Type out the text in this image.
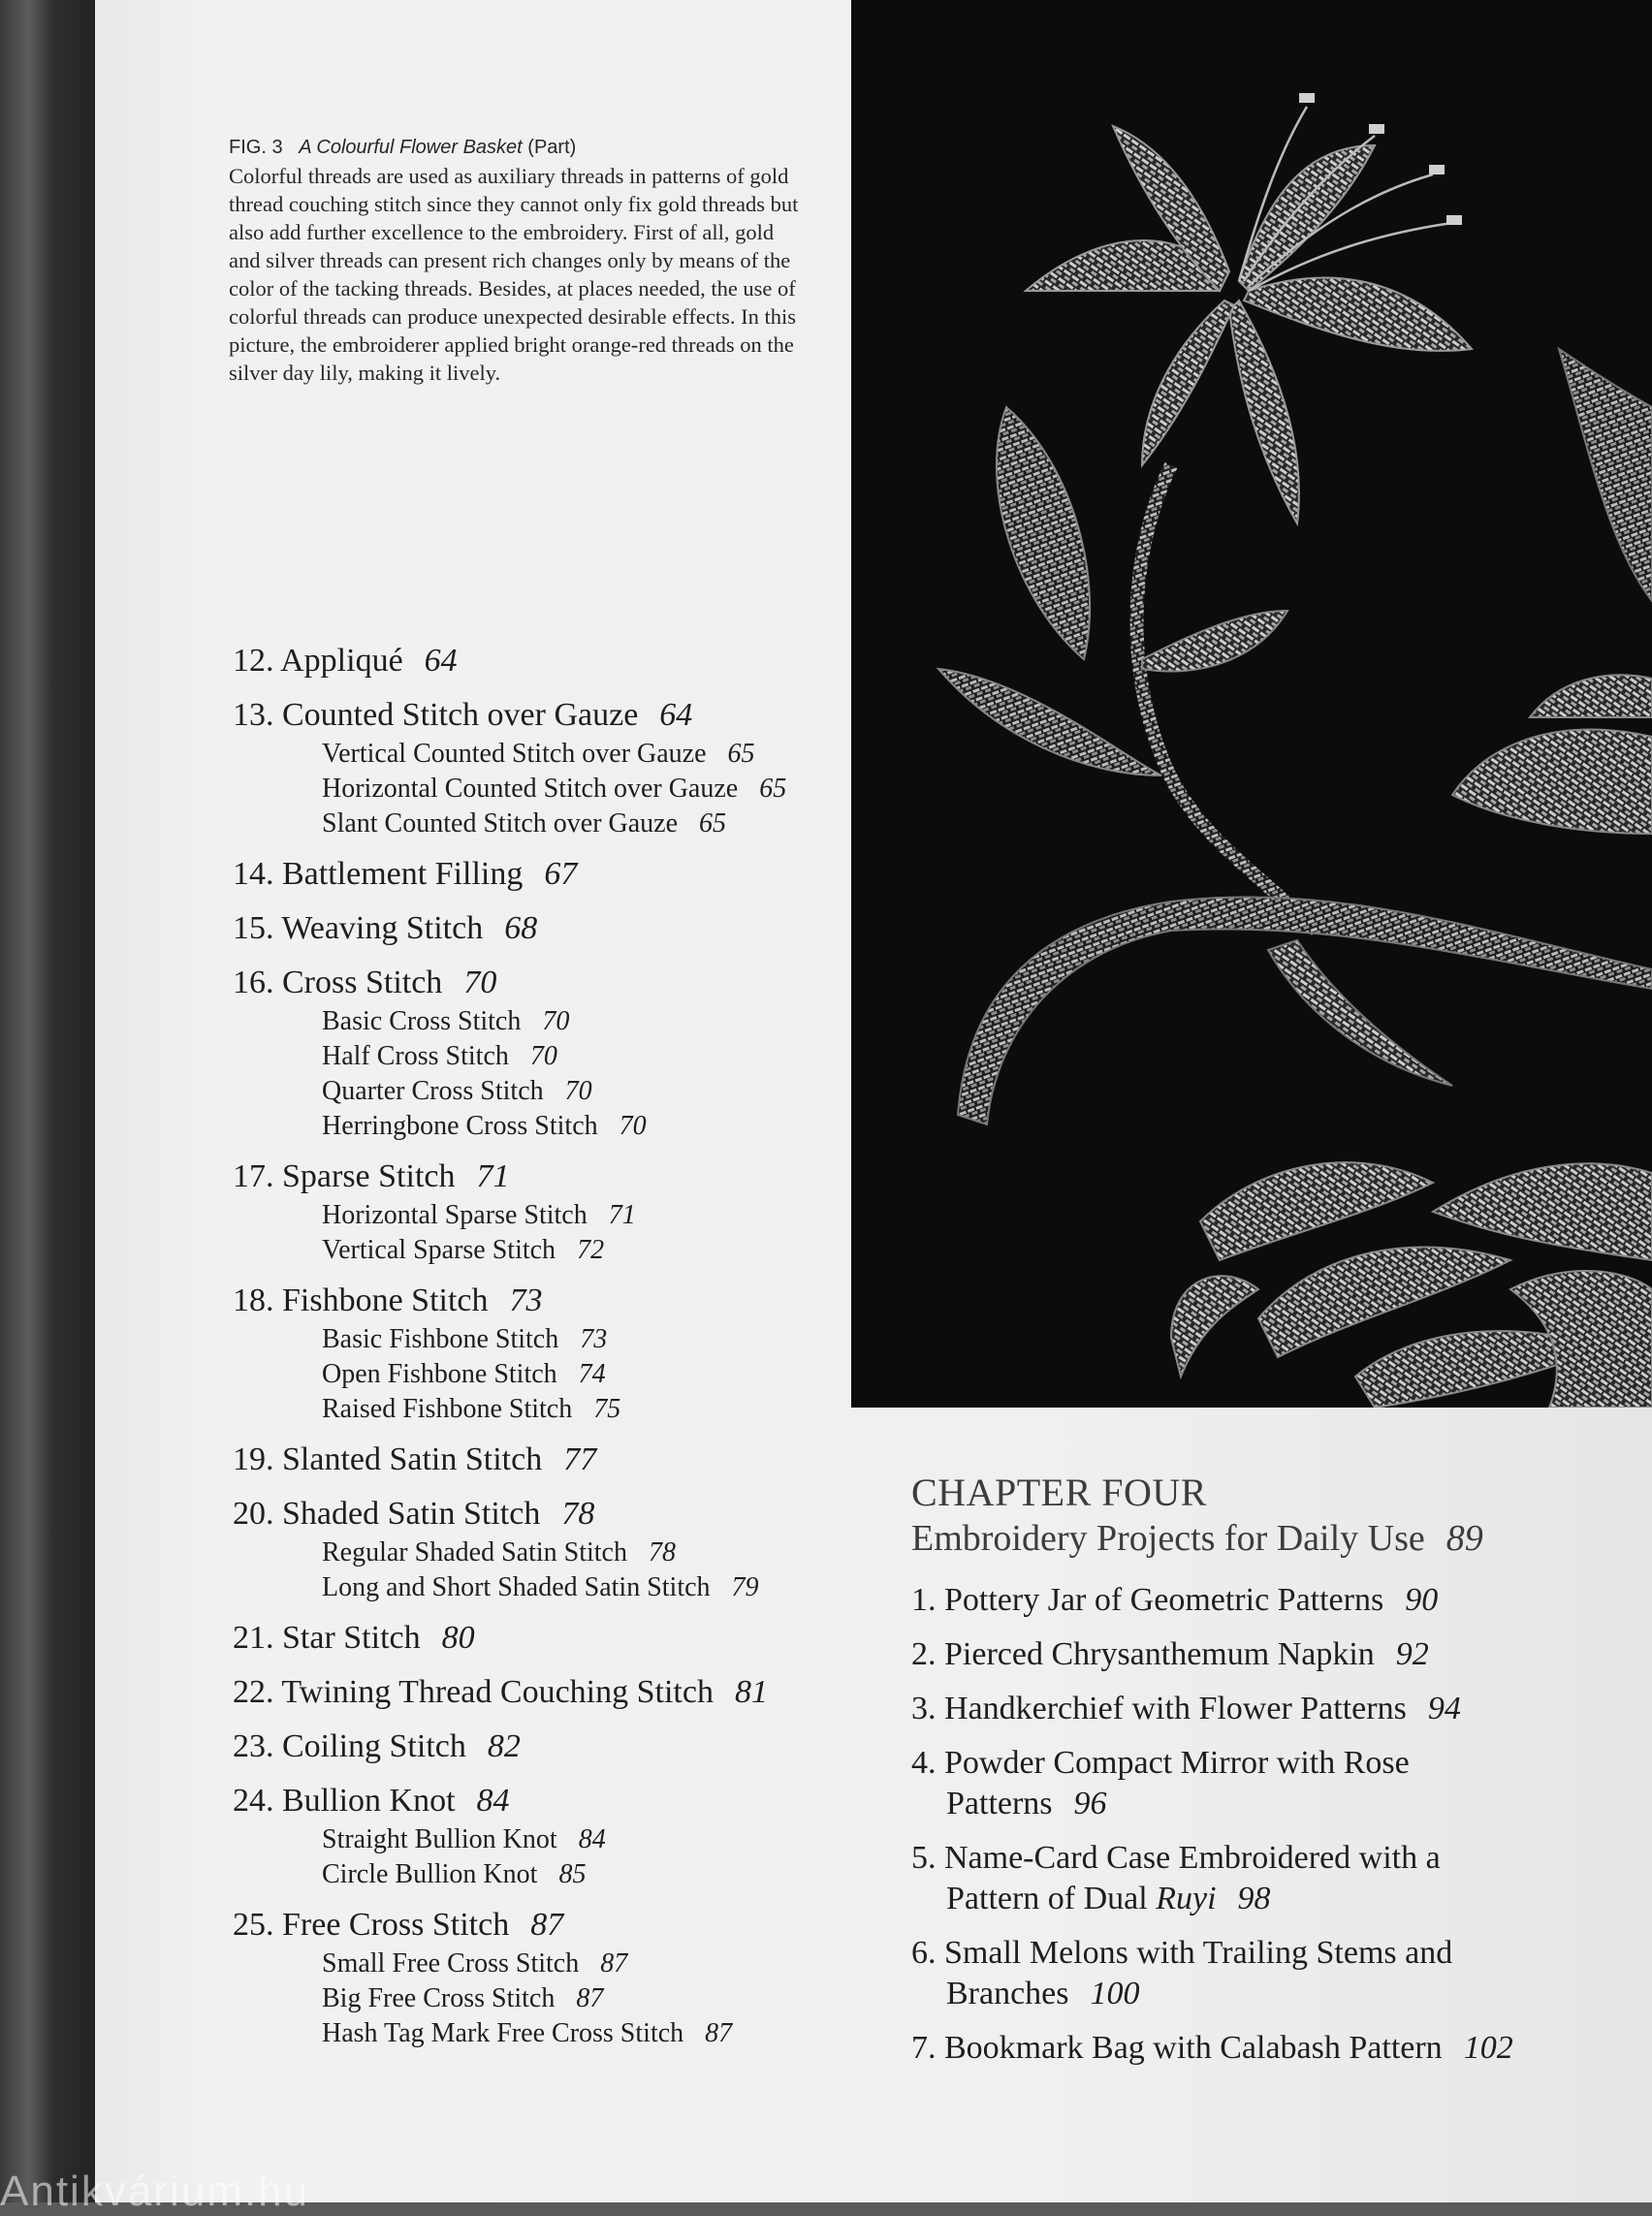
FIG. 3 A Colourful Flower Basket (Part)
Colorful threads are used as auxiliary threads in patterns of gold thread couching stitch since they cannot only fix gold threads but also add further excellence to the embroidery. First of all, gold and silver threads can present rich changes only by means of the color of the tacking threads. Besides, at places needed, the use of colorful threads can produce unexpected desirable effects. In this picture, the embroiderer applied bright orange-red threads on the silver day lily, making it lively.
12. Appliqué 64
13. Counted Stitch over Gauze 64
Vertical Counted Stitch over Gauze 65
Horizontal Counted Stitch over Gauze 65
Slant Counted Stitch over Gauze 65
14. Battlement Filling 67
15. Weaving Stitch 68
16. Cross Stitch 70
Basic Cross Stitch 70
Half Cross Stitch 70
Quarter Cross Stitch 70
Herringbone Cross Stitch 70
17. Sparse Stitch 71
Horizontal Sparse Stitch 71
Vertical Sparse Stitch 72
18. Fishbone Stitch 73
Basic Fishbone Stitch 73
Open Fishbone Stitch 74
Raised Fishbone Stitch 75
19. Slanted Satin Stitch 77
20. Shaded Satin Stitch 78
Regular Shaded Satin Stitch 78
Long and Short Shaded Satin Stitch 79
21. Star Stitch 80
22. Twining Thread Couching Stitch 81
23. Coiling Stitch 82
24. Bullion Knot 84
Straight Bullion Knot 84
Circle Bullion Knot 85
25. Free Cross Stitch 87
Small Free Cross Stitch 87
Big Free Cross Stitch 87
Hash Tag Mark Free Cross Stitch 87
CHAPTER FOUR
Embroidery Projects for Daily Use 89
1. Pottery Jar of Geometric Patterns 90
2. Pierced Chrysanthemum Napkin 92
3. Handkerchief with Flower Patterns 94
4. Powder Compact Mirror with Rose
Patterns 96
5. Name-Card Case Embroidered with a
Pattern of Dual Ruyi 98
6. Small Melons with Trailing Stems and
Branches 100
7. Bookmark Bag with Calabash Pattern 102
Antikvárium.hu
